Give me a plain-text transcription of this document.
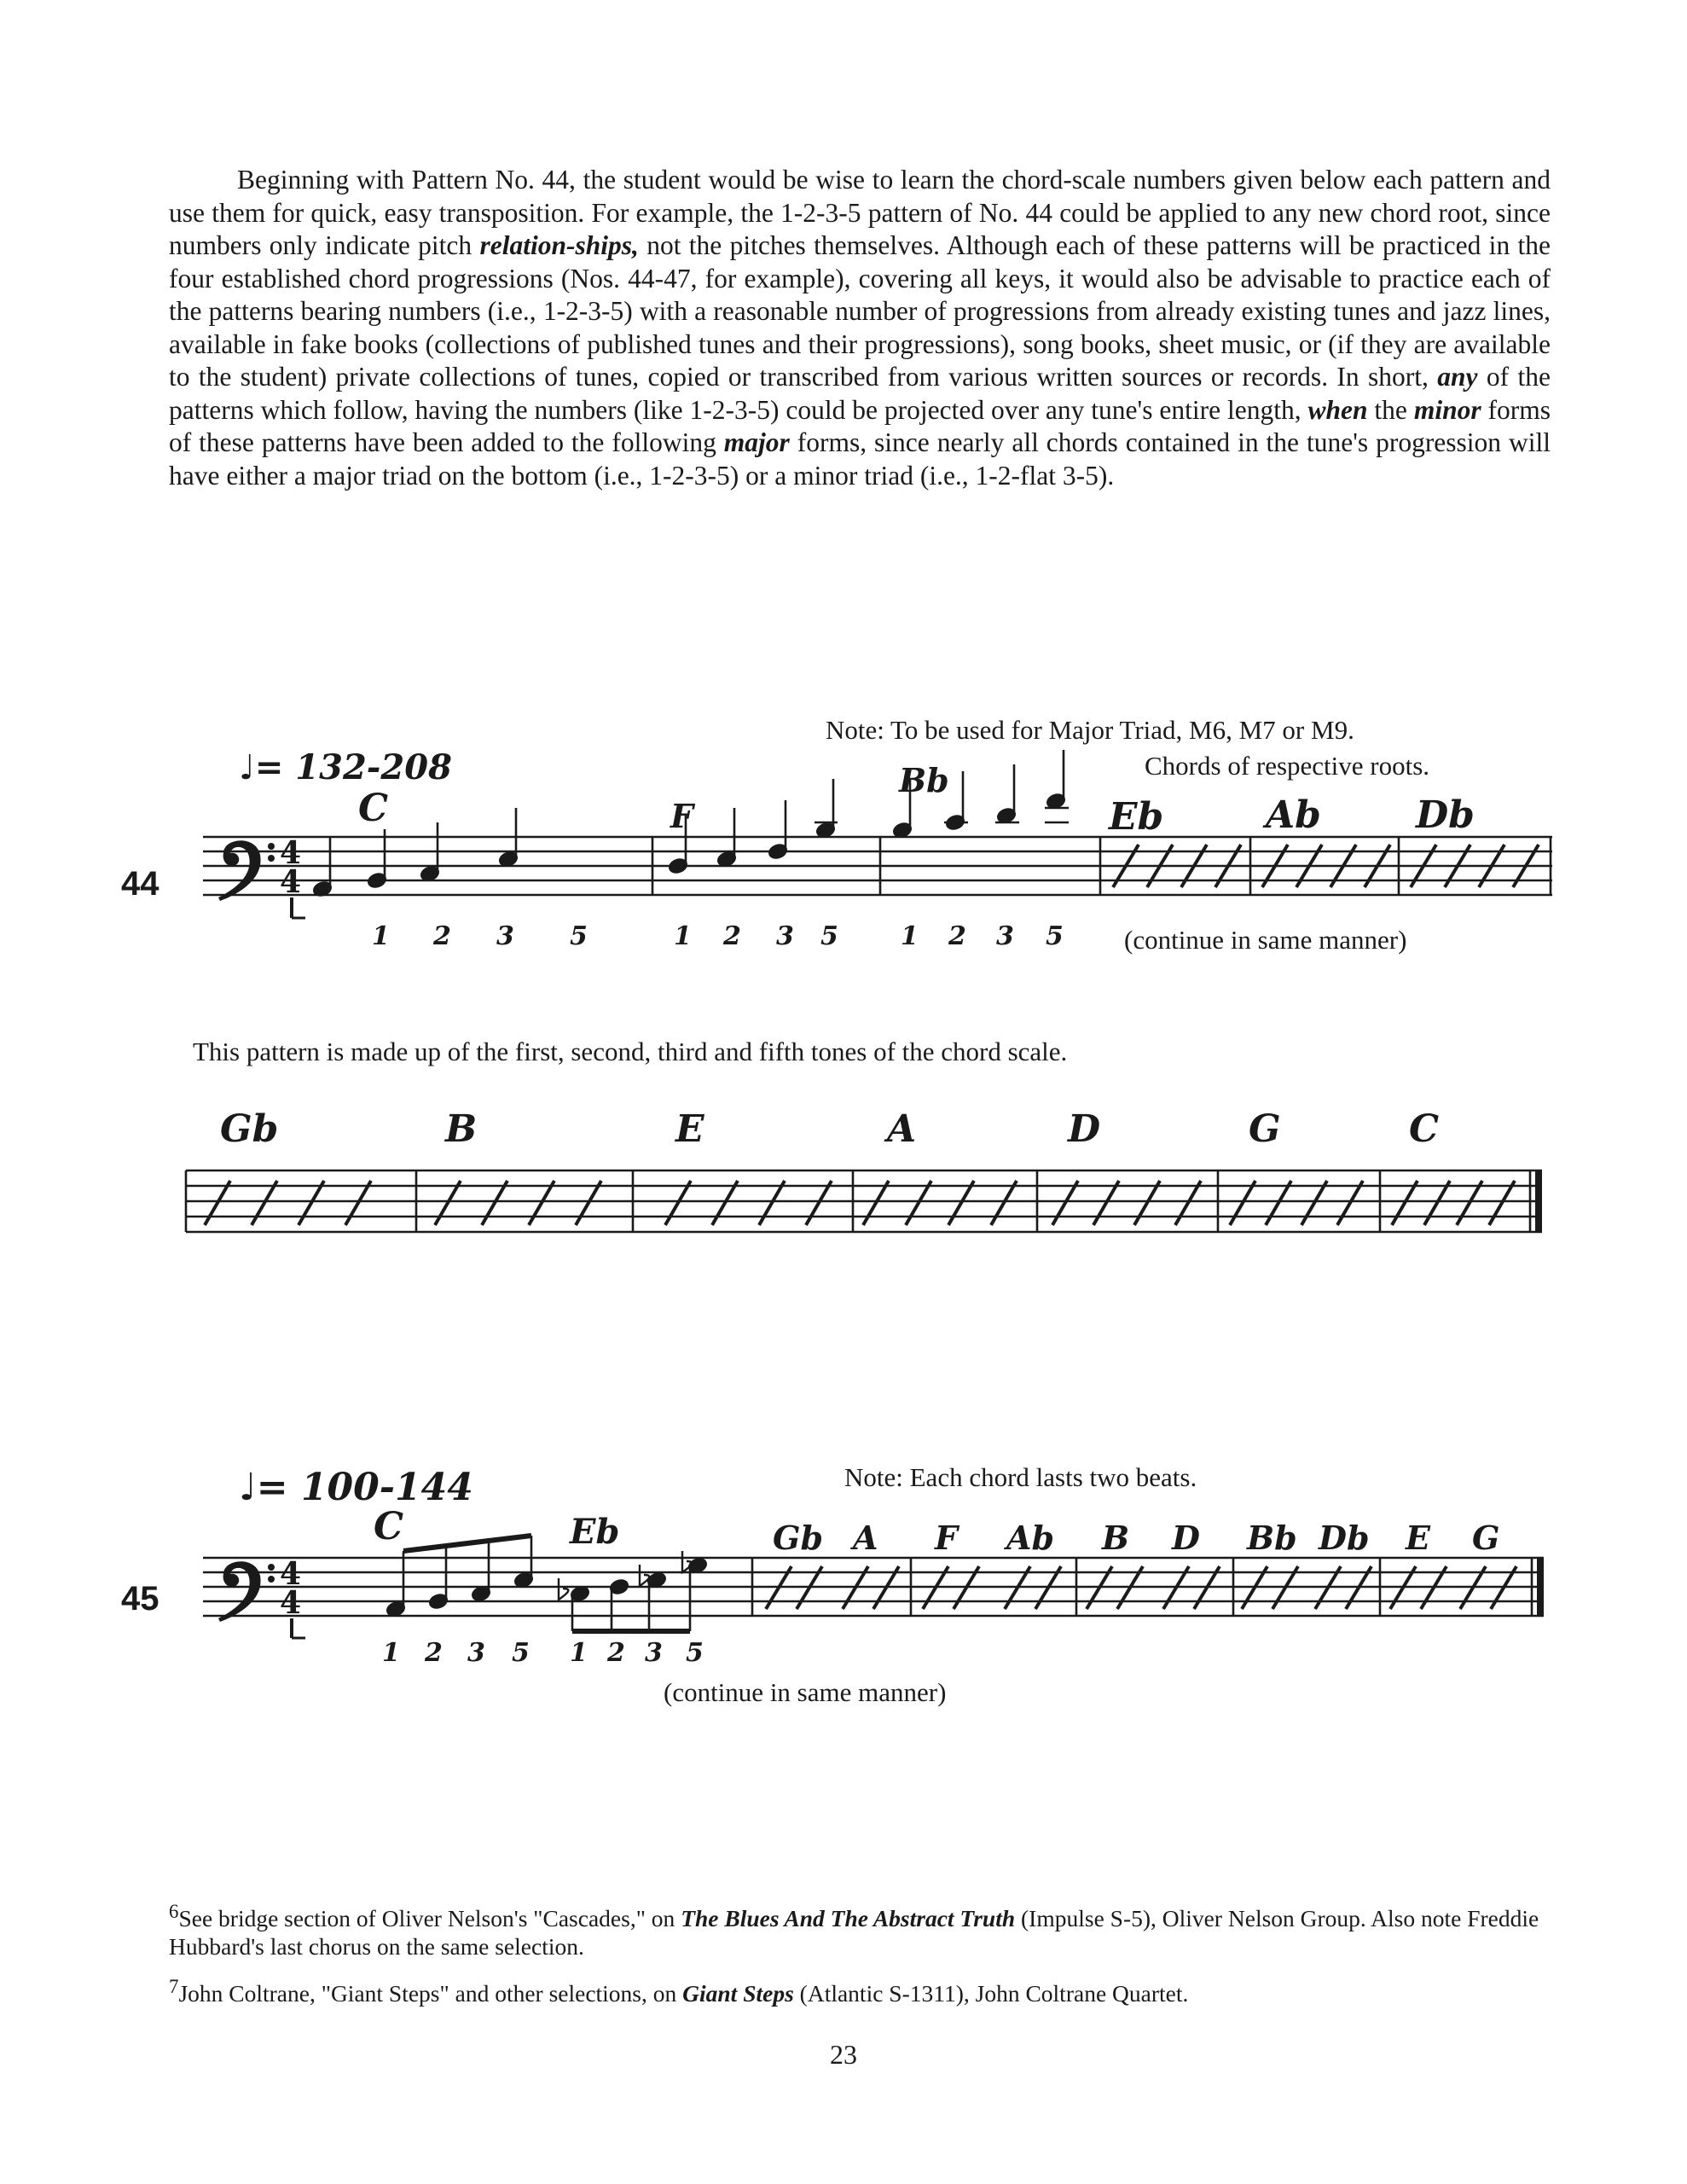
Beginning with Pattern No. 44, the student would be wise to learn the chord-scale numbers given below each pattern and use them for quick, easy transposition. For example, the 1-2-3-5 pattern of No. 44 could be applied to any new chord root, since numbers only indicate pitch relation-ships, not the pitches themselves. Although each of these patterns will be practiced in the four established chord progressions (Nos. 44-47, for example), covering all keys, it would also be advisable to practice each of the patterns bearing numbers (i.e., 1-2-3-5) with a reasonable number of progressions from already existing tunes and jazz lines, available in fake books (collections of published tunes and their progressions), song books, sheet music, or (if they are available to the student) private collections of tunes, copied or transcribed from various written sources or records. In short, any of the patterns which follow, having the numbers (like 1-2-3-5) could be projected over any tune's entire length, when the minor forms of these patterns have been added to the following major forms, since nearly all chords contained in the tune's progression will have either a major triad on the bottom (i.e., 1-2-3-5) or a minor triad (i.e., 1-2-flat 3-5).

Note: To be used for Major Triad, M6, M7 or M9.

Chords of respective roots.

♩= 132-208
44
4
4
C	F
Bb
Eb	Ab	Db
1 2 3 5	1 2 3 5 1 2 3 5 (continue in same manner)

This pattern is made up of the first, second, third and fifth tones of the chord scale.

Gb	B	E	A	D	G	C
♩= 100-144	Note: Each chord lasts two beats.

45
4
4
C	Eb	Gb A F Ab B D Bb Db E G
1 2 3 5 1 2 3 5

(continue in same manner)

$^6$See bridge section of Oliver Nelson's "Cascades," on The Blues And The Abstract Truth (Impulse S-5), Oliver Nelson Group. Also note Freddie Hubbard's last chorus on the same selection.

$^7$John Coltrane, "Giant Steps" and other selections, on Giant Steps (Atlantic S-1311), John Coltrane Quartet.

23
